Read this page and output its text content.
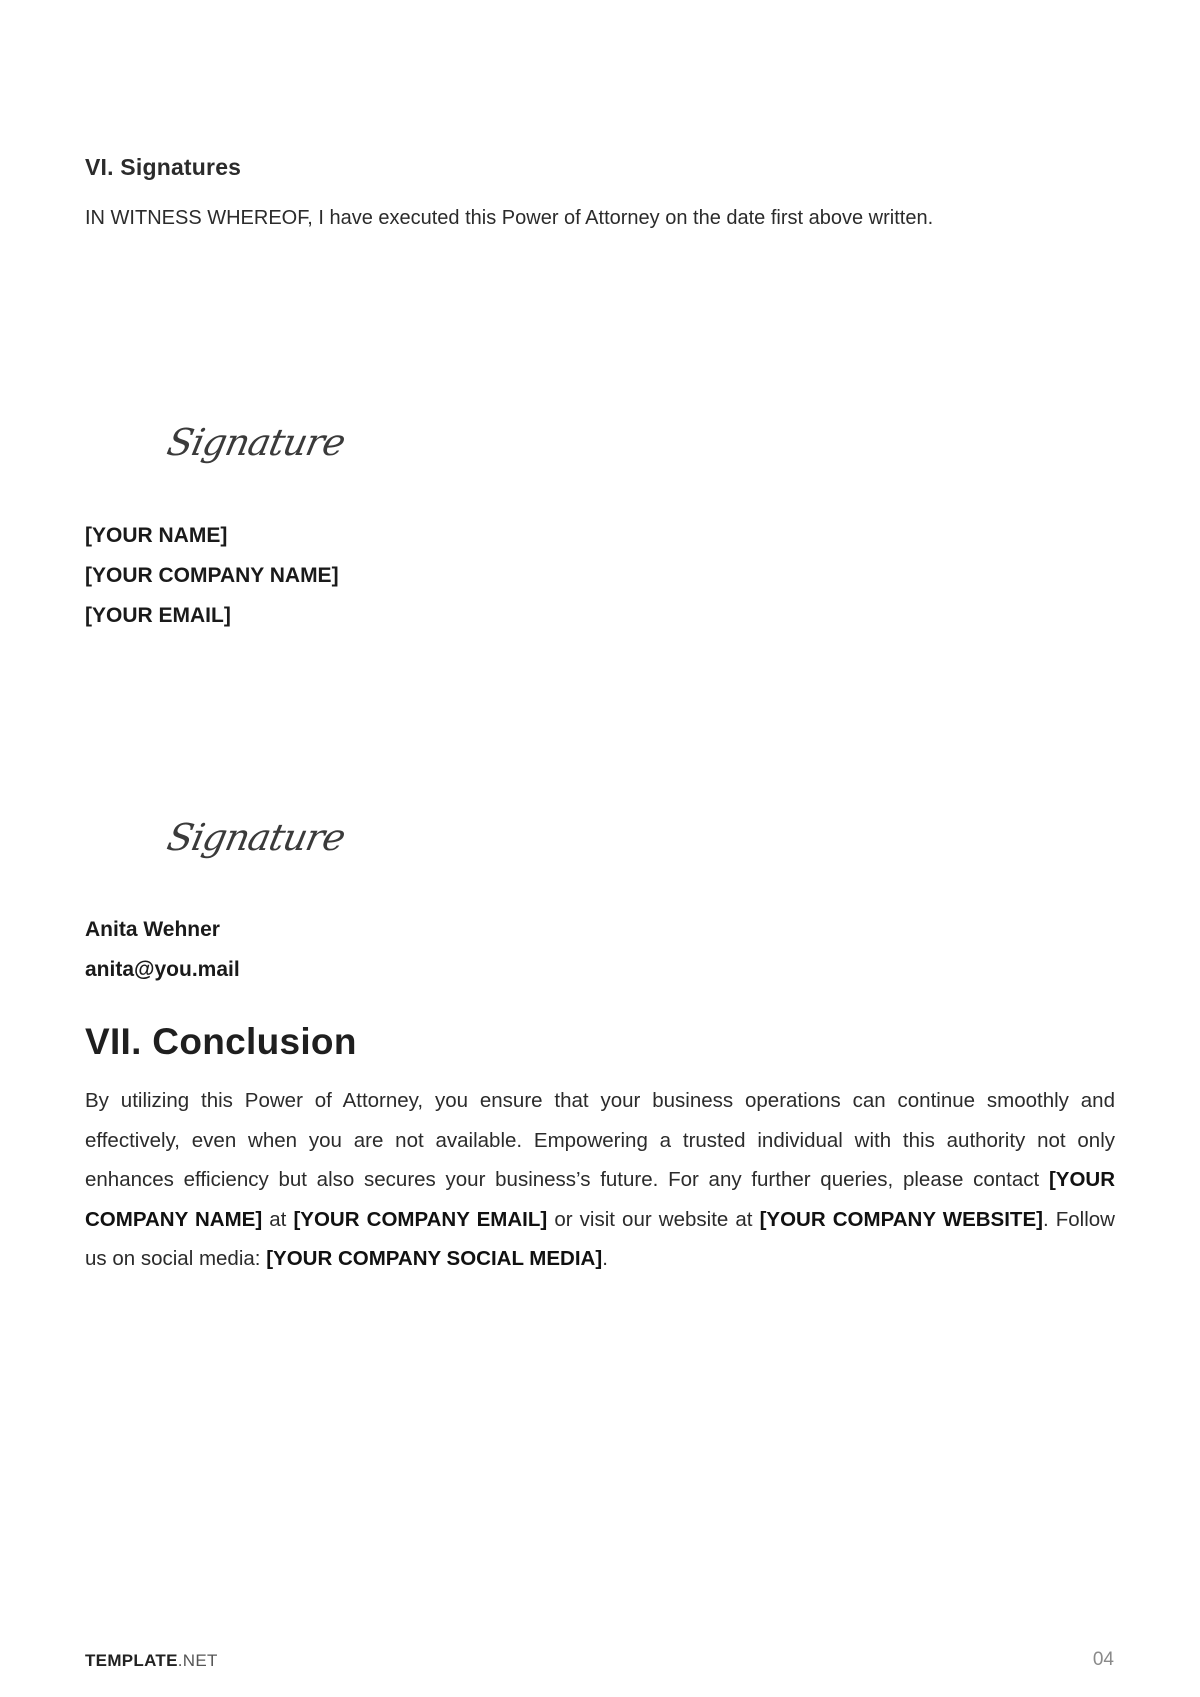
VI. Signatures

IN WITNESS WHEREOF, I have executed this Power of Attorney on the date first above written.

Signature
[YOUR NAME]
[YOUR COMPANY NAME]
[YOUR EMAIL]
Signature
Anita Wehner
anita@you.mail
VII. Conclusion

By utilizing this Power of Attorney, you ensure that your business operations can continue smoothly and effectively, even when you are not available. Empowering a trusted individual with this authority not only enhances efficiency but also secures your business’s future. For any further queries, please contact [YOUR COMPANY NAME] at [YOUR COMPANY EMAIL] or visit our website at [YOUR COMPANY WEBSITE]. Follow us on social media: [YOUR COMPANY SOCIAL MEDIA].

TEMPLATE.NET	04
